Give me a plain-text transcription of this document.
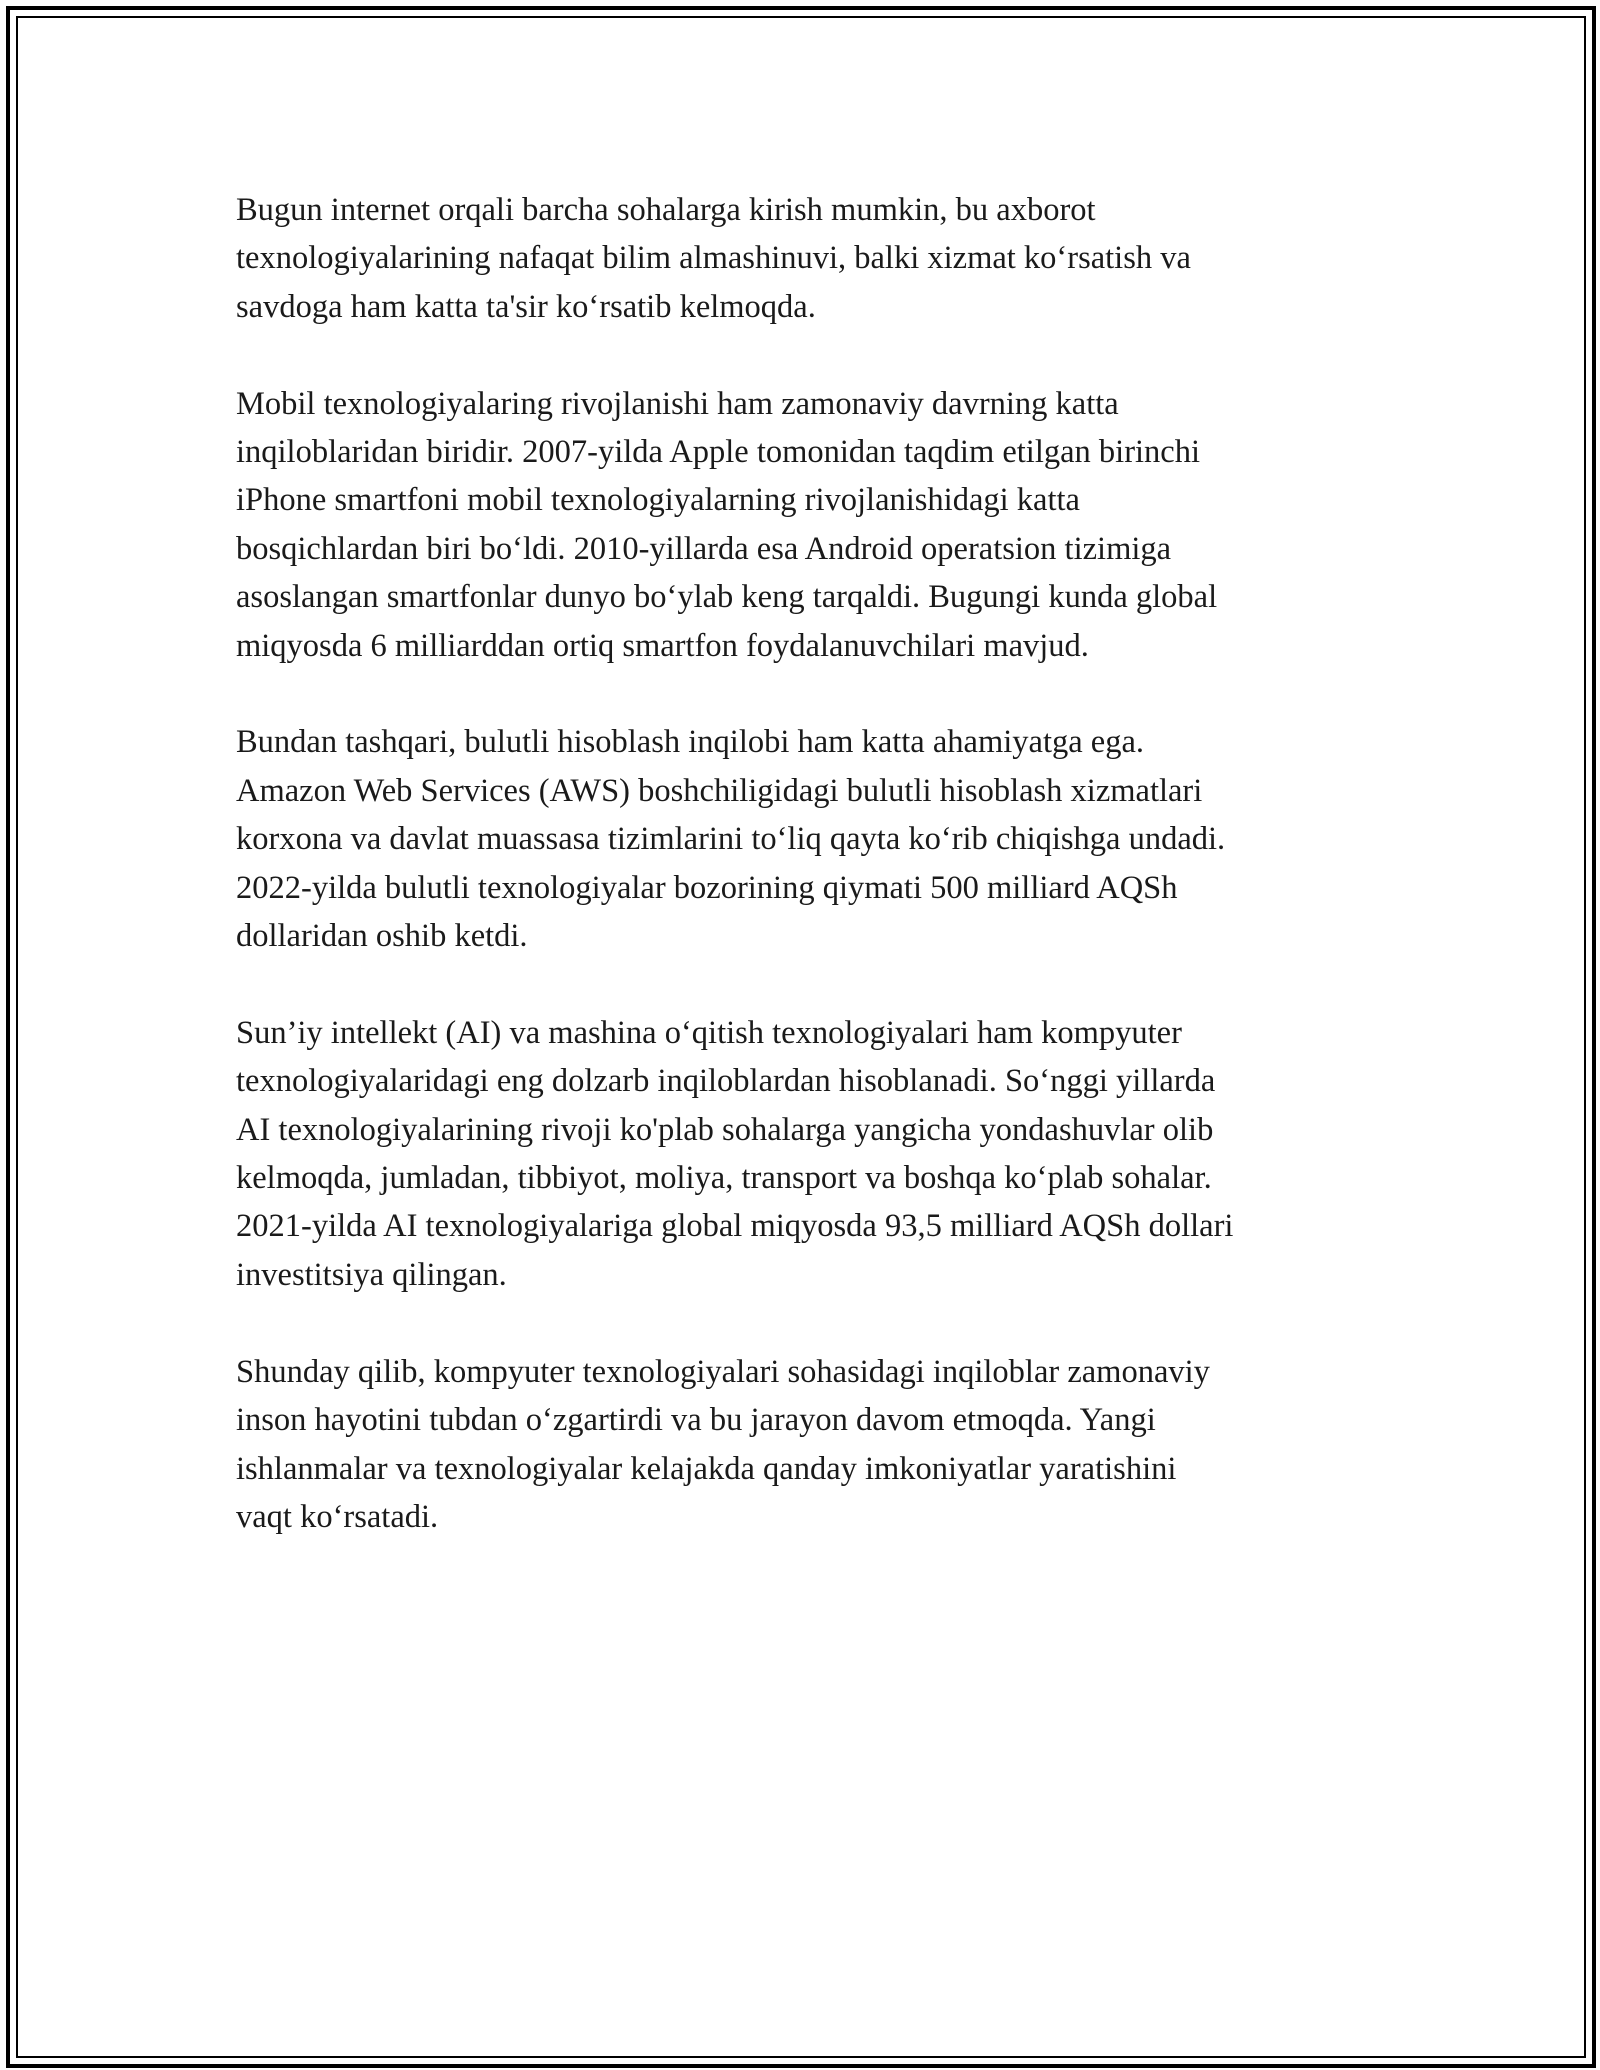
Bugun internet orqali barcha sohalarga kirish mumkin, bu axborot
texnologiyalarining nafaqat bilim almashinuvi, balki xizmat koʻrsatish va
savdoga ham katta ta'sir koʻrsatib kelmoqda.

Mobil texnologiyalaring rivojlanishi ham zamonaviy davrning katta
inqiloblaridan biridir. 2007-yilda Apple tomonidan taqdim etilgan birinchi
iPhone smartfoni mobil texnologiyalarning rivojlanishidagi katta
bosqichlardan biri boʻldi. 2010-yillarda esa Android operatsion tizimiga
asoslangan smartfonlar dunyo boʻylab keng tarqaldi. Bugungi kunda global
miqyosda 6 milliarddan ortiq smartfon foydalanuvchilari mavjud.

Bundan tashqari, bulutli hisoblash inqilobi ham katta ahamiyatga ega.
Amazon Web Services (AWS) boshchiligidagi bulutli hisoblash xizmatlari
korxona va davlat muassasa tizimlarini toʻliq qayta koʻrib chiqishga undadi.
2022-yilda bulutli texnologiyalar bozorining qiymati 500 milliard AQSh
dollaridan oshib ketdi.

Sun’iy intellekt (AI) va mashina oʻqitish texnologiyalari ham kompyuter
texnologiyalaridagi eng dolzarb inqiloblardan hisoblanadi. Soʻnggi yillarda
AI texnologiyalarining rivoji ko'plab sohalarga yangicha yondashuvlar olib
kelmoqda, jumladan, tibbiyot, moliya, transport va boshqa koʻplab sohalar.
2021-yilda AI texnologiyalariga global miqyosda 93,5 milliard AQSh dollari
investitsiya qilingan.

Shunday qilib, kompyuter texnologiyalari sohasidagi inqiloblar zamonaviy
inson hayotini tubdan oʻzgartirdi va bu jarayon davom etmoqda. Yangi
ishlanmalar va texnologiyalar kelajakda qanday imkoniyatlar yaratishini
vaqt koʻrsatadi.
